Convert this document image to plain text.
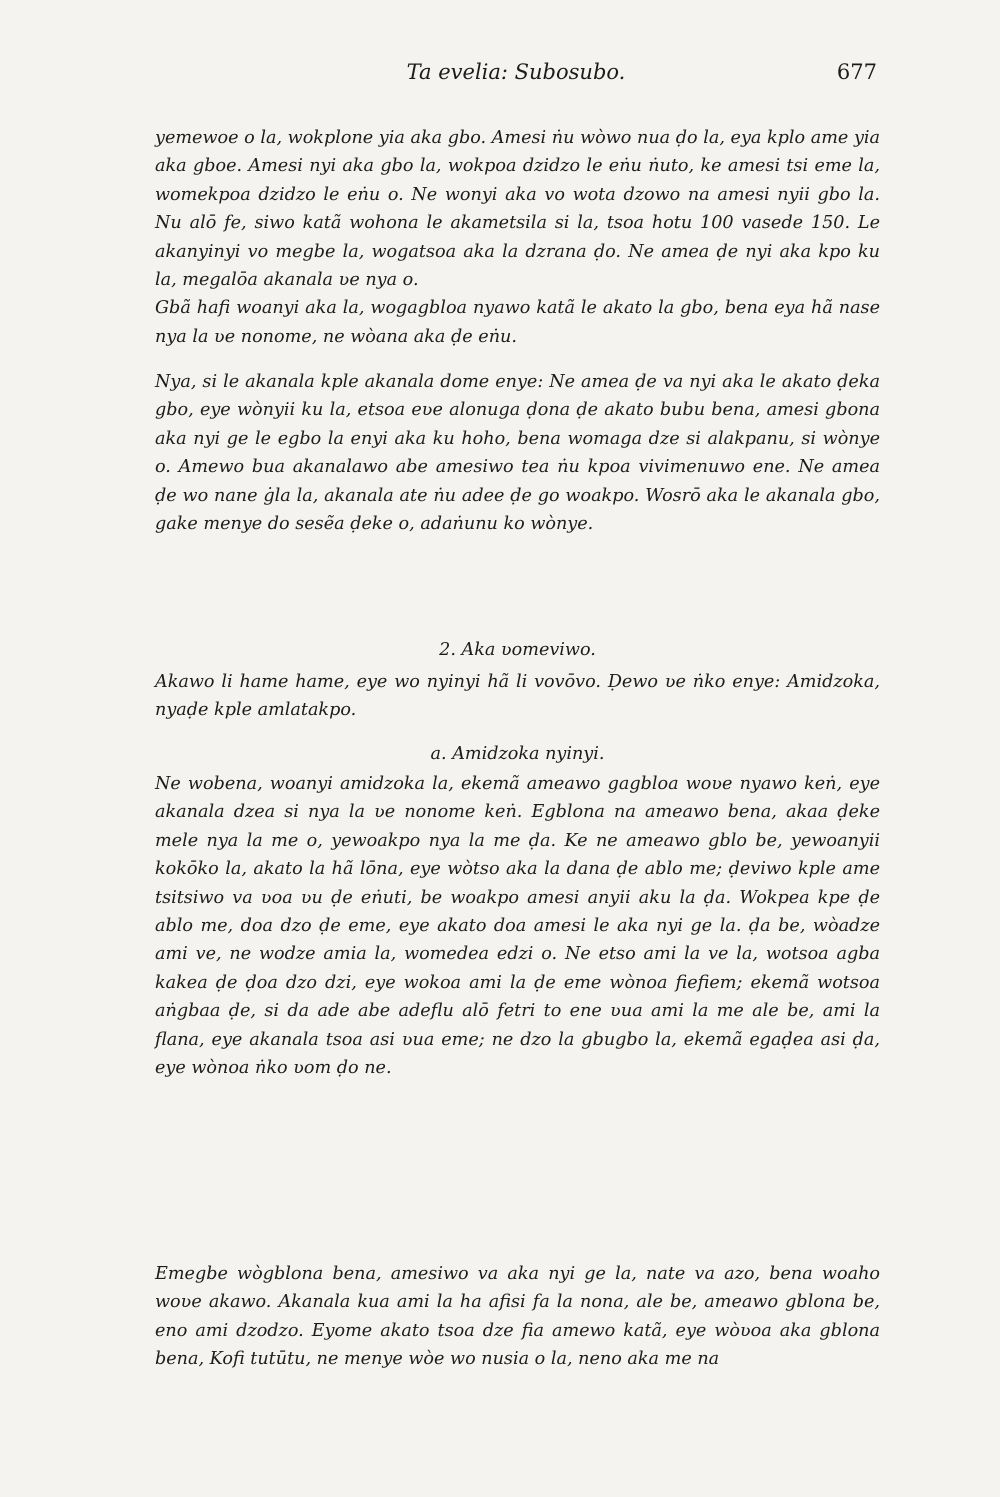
Ta evelia: Subosubo.	677

yemewoe o la, wokplone yia aka gbo. Amesi ṅu wòwo nua ḍo la, eya kplo ame yia aka gboe. Amesi nyi aka gbo la, wokpoa dzidzo le eṅu ṅuto, ke amesi tsi eme la, womekpoa dzidzo le eṅu o. Ne wonyi aka vo wota dzowo na amesi nyii gbo la. Nu alō fe, siwo katã wohona le akametsila si la, tsoa hotu 100 vasede 150. Le akanyinyi vo megbe la, wogatsoa aka la dzrana ḍo. Ne amea ḍe nyi aka kpo ku la, megalōa akanala ʋe nya o.

Gbã hafi woanyi aka la, wogagbloa nyawo katã le akato la gbo, bena eya hã nase nya la ʋe nonome, ne wòana aka ḍe eṅu.

Nya, si le akanala kple akanala dome enye: Ne amea ḍe va nyi aka le akato ḍeka gbo, eye wònyii ku la, etsoa eʋe alonuga ḍona ḍe akato bubu bena, amesi gbona aka nyi ge le egbo la enyi aka ku hoho, bena womaga dze si alakpanu, si wònye o. Amewo bua akanalawo abe amesiwo tea ṅu kpoa vivimenuwo ene. Ne amea ḍe wo nane ġla la, akanala ate ṅu adee ḍe go woakpo. Wosrō aka le akanala gbo, gake menye do sesẽa ḍeke o, adaṅunu ko wònye.

2. Aka ʋomeviwo.

Akawo li hame hame, eye wo nyinyi hã li vovōvo. Ḍewo ʋe ṅko enye: Amidzoka, nyaḍe kple amlatakpo.

a. Amidzoka nyinyi.

Ne wobena, woanyi amidzoka la, ekemã ameawo gagbloa woʋe nyawo keṅ, eye akanala dzea si nya la ʋe nonome keṅ. Egblona na ameawo bena, akaa ḍeke mele nya la me o, yewoakpo nya la me ḍa. Ke ne ameawo gblo be, yewoanyii kokōko la, akato la hã lōna, eye wòtso aka la dana ḍe ablo me; ḍeviwo kple ame tsitsiwo va ʋoa ʋu ḍe eṅuti, be woakpo amesi anyii aku la ḍa. Wokpea kpe ḍe ablo me, doa dzo ḍe eme, eye akato doa amesi le aka nyi ge la. ḍa be, wòadze ami ve, ne wodze amia la, womedea edzi o. Ne etso ami la ve la, wotsoa agba kakea ḍe ḍoa dzo dzi, eye wokoa ami la ḍe eme wònoa fiefiem; ekemã wotsoa aṅgbaa ḍe, si da ade abe adeflu alō fetri to ene ʋua ami la me ale be, ami la flana, eye akanala tsoa asi ʋua eme; ne dzo la gbugbo la, ekemã egaḍea asi ḍa, eye wònoa ṅko ʋom ḍo ne.

Emegbe wògblona bena, amesiwo va aka nyi ge la, nate va azo, bena woaho woʋe akawo. Akanala kua ami la ha afisi fa la nona, ale be, ameawo gblona be, eno ami dzodzo. Eyome akato tsoa dze fia amewo katã, eye wòʋoa aka gblona bena, Kofi tutūtu, ne menye wòe wo nusia o la, neno aka me na
